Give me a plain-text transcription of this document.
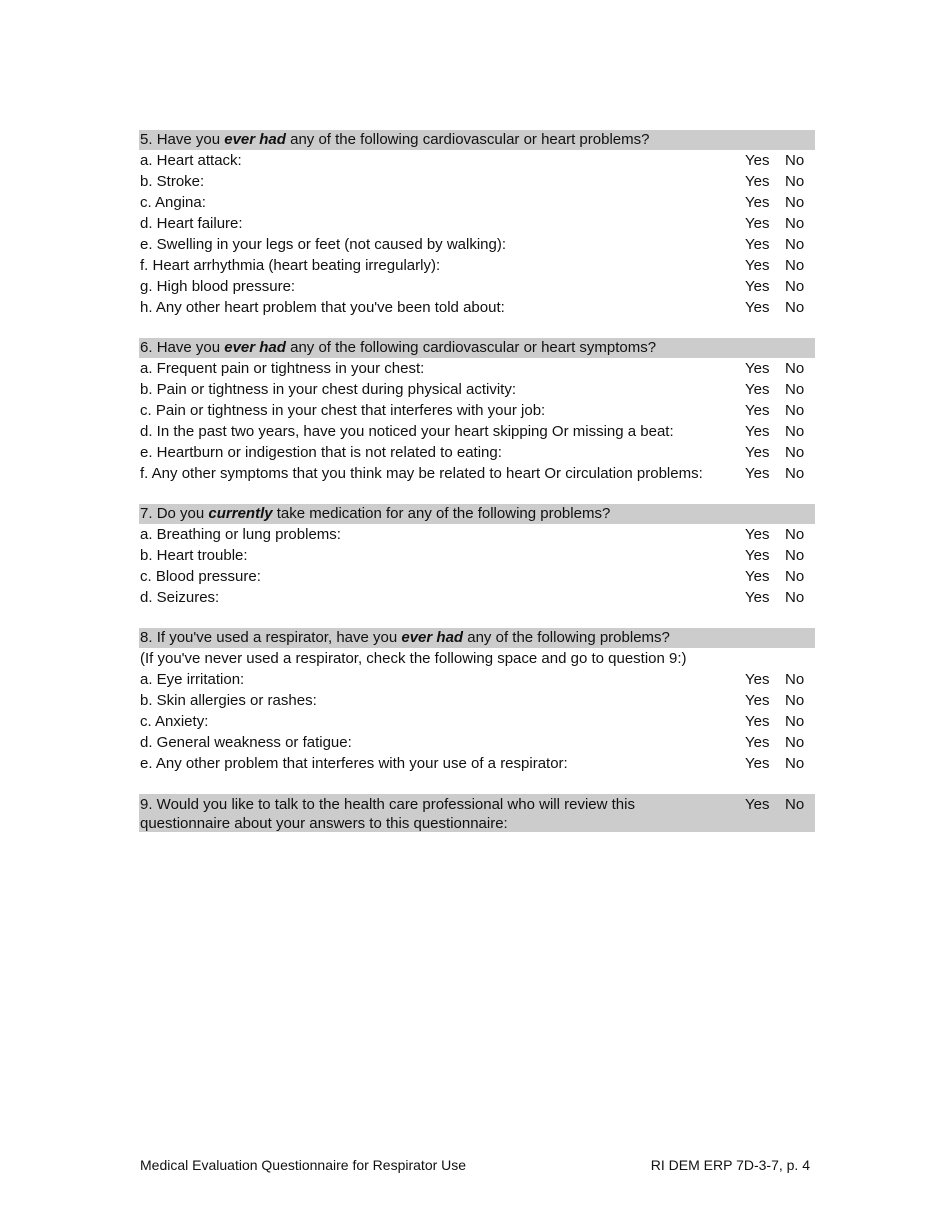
5. Have you ever had any of the following cardiovascular or heart problems?
a. Heart attack:	Yes No
b. Stroke:	Yes No
c. Angina:	Yes No
d. Heart failure:	Yes No
e. Swelling in your legs or feet (not caused by walking):	Yes No
f. Heart arrhythmia (heart beating irregularly):	Yes No
g. High blood pressure:	Yes No
h. Any other heart problem that you've been told about:	Yes No
6. Have you ever had any of the following cardiovascular or heart symptoms?
a. Frequent pain or tightness in your chest:	Yes No
b. Pain or tightness in your chest during physical activity:	Yes No
c. Pain or tightness in your chest that interferes with your job:	Yes No
d. In the past two years, have you noticed your heart skipping Or missing a beat:	Yes No
e. Heartburn or indigestion that is not related to eating:	Yes No
f. Any other symptoms that you think may be related to heart Or circulation problems:	Yes No
7. Do you currently take medication for any of the following problems?
a. Breathing or lung problems:	Yes No
b. Heart trouble:	Yes No
c. Blood pressure:	Yes No
d. Seizures:	Yes No
8. If you've used a respirator, have you ever had any of the following problems?
(If you've never used a respirator, check the following space and go to question 9:)
a. Eye irritation:	Yes No
b. Skin allergies or rashes:	Yes No
c. Anxiety:	Yes No
d. General weakness or fatigue:	Yes No
e. Any other problem that interferes with your use of a respirator:	Yes No
9. Would you like to talk to the health care professional who will review this questionnaire about your answers to this questionnaire:
Yes No
Medical Evaluation Questionnaire for Respirator Use	RI DEM ERP 7D-3-7, p. 4
